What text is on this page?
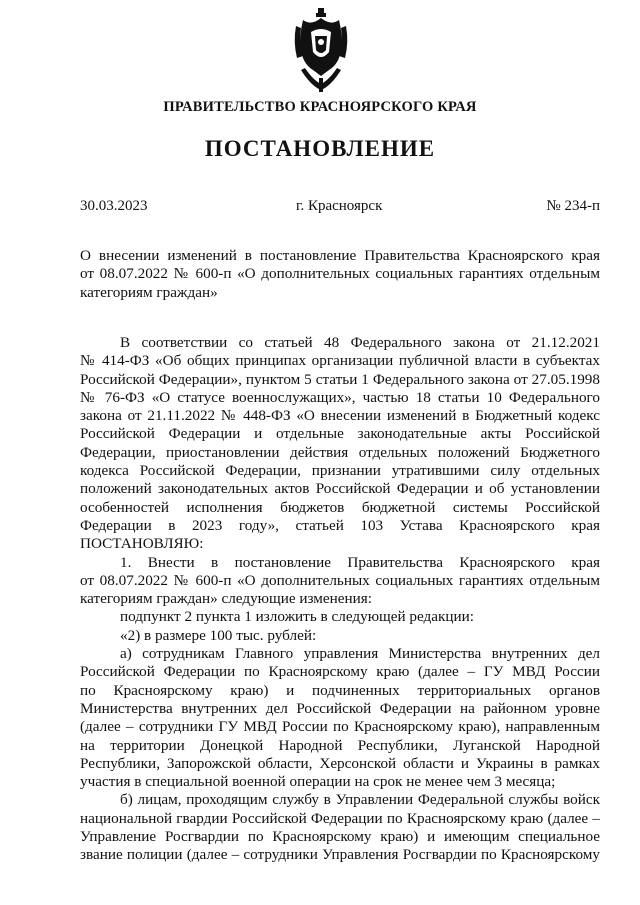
ПРАВИТЕЛЬСТВО КРАСНОЯРСКОГО КРАЯ
ПОСТАНОВЛЕНИЕ
30.03.2023	г. Красноярск	№ 234-п
О внесении изменений в постановление Правительства Красноярского края
от 08.07.2022 № 600-п «О дополнительных социальных гарантиях отдельным
категориям граждан»
В соответствии со статьей 48 Федерального закона от 21.12.2021
№ 414-ФЗ «Об общих принципах организации публичной власти в субъектах
Российской Федерации», пунктом 5 статьи 1 Федерального закона от 27.05.1998
№ 76-ФЗ «О статусе военнослужащих», частью 18 статьи 10 Федерального
закона от 21.11.2022 № 448-ФЗ «О внесении изменений в Бюджетный кодекс
Российской Федерации и отдельные законодательные акты Российской
Федерации, приостановлении действия отдельных положений Бюджетного
кодекса Российской Федерации, признании утратившими силу отдельных
положений законодательных актов Российской Федерации и об установлении
особенностей исполнения бюджетов бюджетной системы Российской
Федерации в 2023 году», статьей 103 Устава Красноярского края
ПОСТАНОВЛЯЮ:
1. Внести в постановление Правительства Красноярского края
от 08.07.2022 № 600-п «О дополнительных социальных гарантиях отдельным
категориям граждан» следующие изменения:
подпункт 2 пункта 1 изложить в следующей редакции:
«2) в размере 100 тыс. рублей:
а) сотрудникам Главного управления Министерства внутренних дел
Российской Федерации по Красноярскому краю (далее – ГУ МВД России
по Красноярскому краю) и подчиненных территориальных органов
Министерства внутренних дел Российской Федерации на районном уровне
(далее – сотрудники ГУ МВД России по Красноярскому краю), направленным
на территории Донецкой Народной Республики, Луганской Народной
Республики, Запорожской области, Херсонской области и Украины в рамках
участия в специальной военной операции на срок не менее чем 3 месяца;
б) лицам, проходящим службу в Управлении Федеральной службы войск
национальной гвардии Российской Федерации по Красноярскому краю (далее –
Управление Росгвардии по Красноярскому краю) и имеющим специальное
звание полиции (далее – сотрудники Управления Росгвардии по Красноярскому
